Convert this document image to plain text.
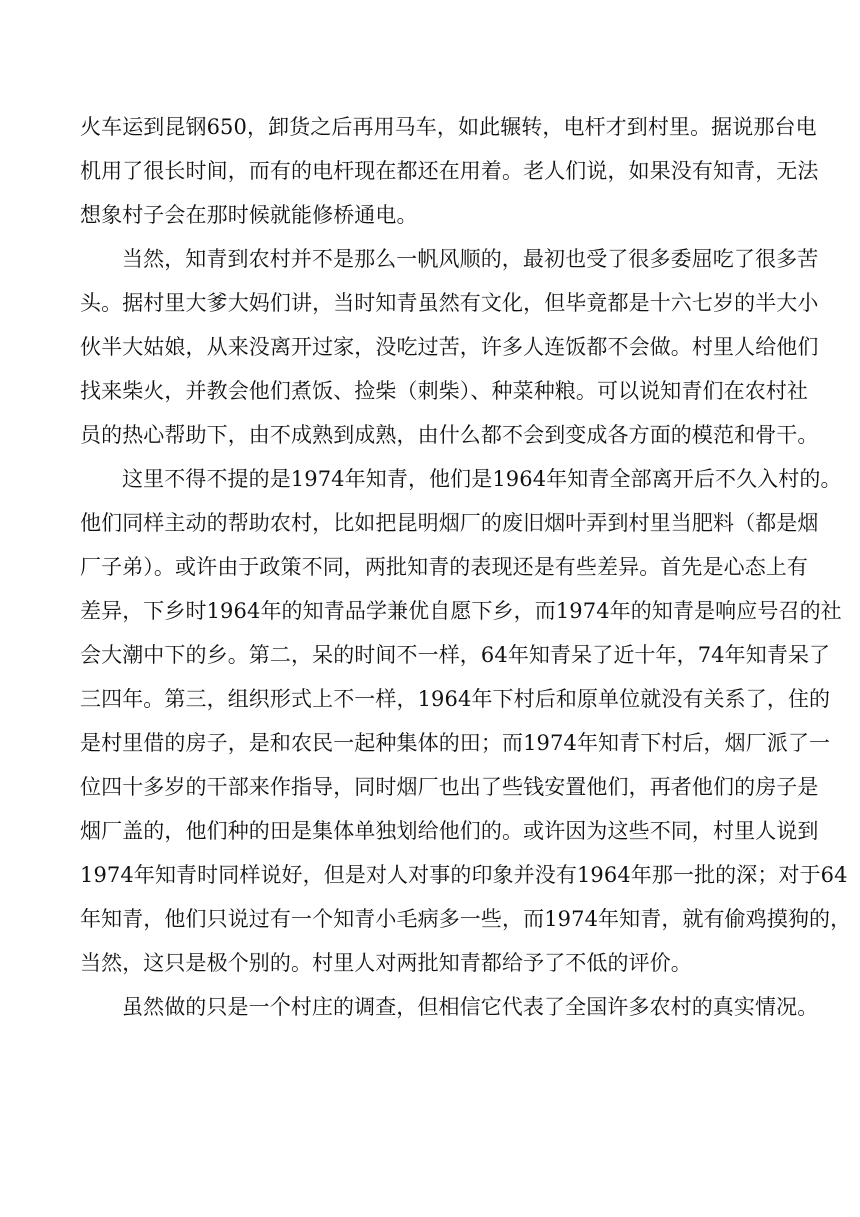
火车运到昆钢650，卸货之后再用马车，如此辗转，电杆才到村里。据说那台电
机用了很长时间，而有的电杆现在都还在用着。老人们说，如果没有知青，无法
想象村子会在那时候就能修桥通电。
当然，知青到农村并不是那么一帆风顺的，最初也受了很多委屈吃了很多苦
头。据村里大爹大妈们讲，当时知青虽然有文化，但毕竟都是十六七岁的半大小
伙半大姑娘，从来没离开过家，没吃过苦，许多人连饭都不会做。村里人给他们
找来柴火，并教会他们煮饭、捡柴（刺柴）、种菜种粮。可以说知青们在农村社
员的热心帮助下，由不成熟到成熟，由什么都不会到变成各方面的模范和骨干。
这里不得不提的是1974年知青，他们是1964年知青全部离开后不久入村的。
他们同样主动的帮助农村，比如把昆明烟厂的废旧烟叶弄到村里当肥料（都是烟
厂子弟）。或许由于政策不同，两批知青的表现还是有些差异。首先是心态上有
差异，下乡时1964年的知青品学兼优自愿下乡，而1974年的知青是响应号召的社
会大潮中下的乡。第二，呆的时间不一样，64年知青呆了近十年，74年知青呆了
三四年。第三，组织形式上不一样，1964年下村后和原单位就没有关系了，住的
是村里借的房子，是和农民一起种集体的田；而1974年知青下村后，烟厂派了一
位四十多岁的干部来作指导，同时烟厂也出了些钱安置他们，再者他们的房子是
烟厂盖的，他们种的田是集体单独划给他们的。或许因为这些不同，村里人说到
1974年知青时同样说好，但是对人对事的印象并没有1964年那一批的深；对于64
年知青，他们只说过有一个知青小毛病多一些，而1974年知青，就有偷鸡摸狗的，
当然，这只是极个别的。村里人对两批知青都给予了不低的评价。
虽然做的只是一个村庄的调查，但相信它代表了全国许多农村的真实情况。
